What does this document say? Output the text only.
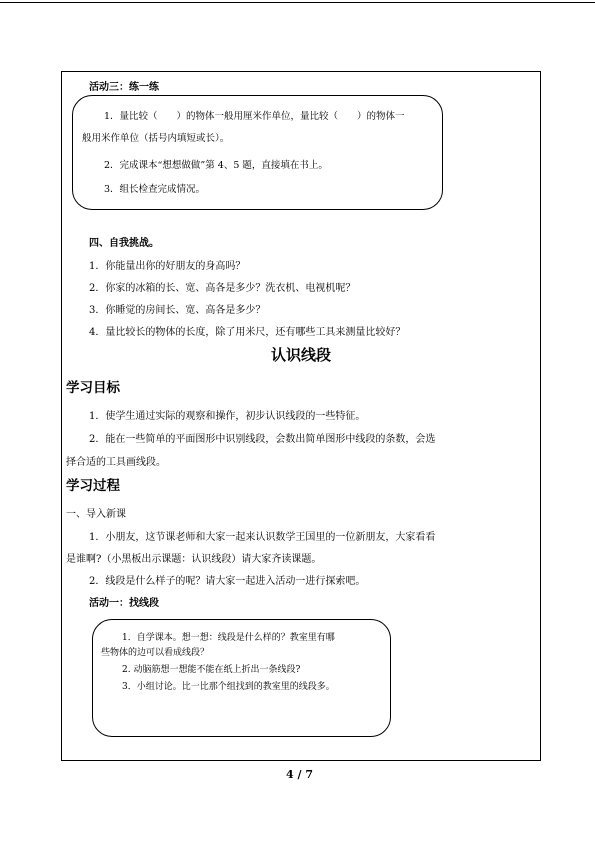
活动三：练一练
1．量比较（　　）的物体一般用厘米作单位，量比较（　　）的物体一
般用米作单位（括号内填短或长）。
2．完成课本“想想做做”第 4、5 题，直接填在书上。
3．组长检查完成情况。
四、自我挑战。
1．你能量出你的好朋友的身高吗？
2．你家的冰箱的长、宽、高各是多少？洗衣机、电视机呢？
3．你睡觉的房间长、宽、高各是多少？
4．量比较长的物体的长度，除了用米尺，还有哪些工具来测量比较好？
认识线段
学习目标
1．使学生通过实际的观察和操作，初步认识线段的一些特征。
2．能在一些简单的平面图形中识别线段，会数出简单图形中线段的条数，会选
择合适的工具画线段。
学习过程
一、导入新课
1．小朋友，这节课老师和大家一起来认识数学王国里的一位新朋友，大家看看
是谁啊?（小黑板出示课题：认识线段）请大家齐读课题。
2．线段是什么样子的呢？请大家一起进入活动一进行探索吧。
活动一：找线段
1．自学课本。想一想：线段是什么样的？教室里有哪
些物体的边可以看成线段？
2. 动脑筋想一想能不能在纸上折出一条线段?
3．小组讨论。比一比那个组找到的教室里的线段多。
4 / 7
